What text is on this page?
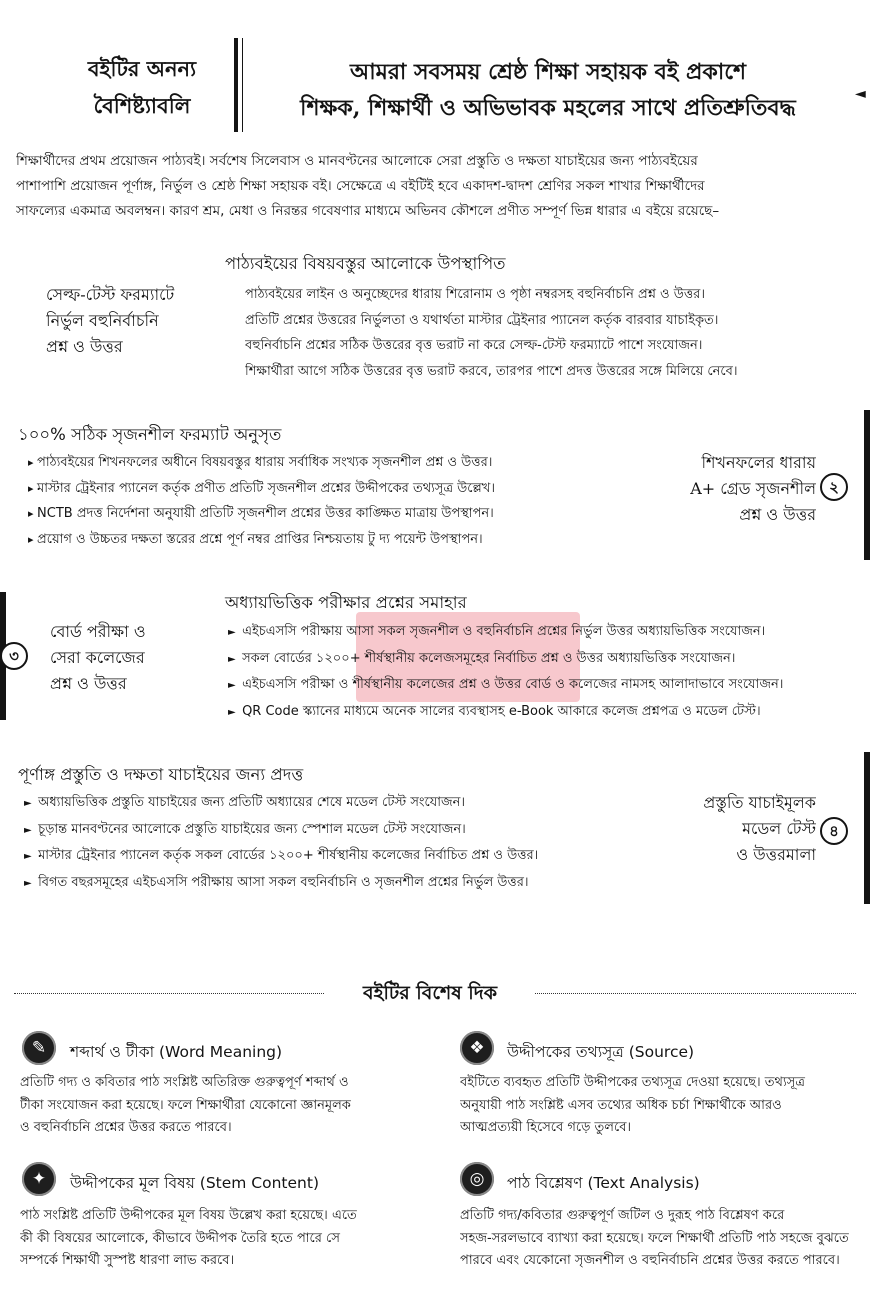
বইটির অনন্য
বৈশিষ্ট্যাবলি
আমরা সবসময় শ্রেষ্ঠ শিক্ষা সহায়ক বই প্রকাশে
শিক্ষক, শিক্ষার্থী ও অভিভাবক মহলের সাথে প্রতিশ্রুতিবদ্ধ
◄
শিক্ষার্থীদের প্রথম প্রয়োজন পাঠ্যবই। সর্বশেষ সিলেবাস ও মানবণ্টনের আলোকে সেরা প্রস্তুতি ও দক্ষতা যাচাইয়ের জন্য পাঠ্যবইয়ের
পাশাপাশি প্রয়োজন পূর্ণাঙ্গ, নির্ভুল ও শ্রেষ্ঠ শিক্ষা সহায়ক বই। সেক্ষেত্রে এ বইটিই হবে একাদশ-দ্বাদশ শ্রেণির সকল শাখার শিক্ষার্থীদের
সাফল্যের একমাত্র অবলম্বন। কারণ শ্রম, মেধা ও নিরন্তর গবেষণার মাধ্যমে অভিনব কৌশলে প্রণীত সম্পূর্ণ ভিন্ন ধারার এ বইয়ে রয়েছে–
পাঠ্যবইয়ের বিষয়বস্তুর আলোকে উপস্থাপিত
সেল্ফ-টেস্ট ফরম্যাটে
নির্ভুল বহুনির্বাচনি
প্রশ্ন ও উত্তর
পাঠ্যবইয়ের লাইন ও অনুচ্ছেদের ধারায় শিরোনাম ও পৃষ্ঠা নম্বরসহ বহুনির্বাচনি প্রশ্ন ও উত্তর।
প্রতিটি প্রশ্নের উত্তরের নির্ভুলতা ও যথার্থতা মাস্টার ট্রেইনার প্যানেল কর্তৃক বারবার যাচাইকৃত।
বহুনির্বাচনি প্রশ্নের সঠিক উত্তরের বৃত্ত ভরাট না করে সেল্ফ-টেস্ট ফরম্যাটে পাশে সংযোজন।
শিক্ষার্থীরা আগে সঠিক উত্তরের বৃত্ত ভরাট করবে, তারপর পাশে প্রদত্ত উত্তরের সঙ্গে মিলিয়ে নেবে।
১০০% সঠিক সৃজনশীল ফরম্যাট অনুসৃত
▸ পাঠ্যবইয়ের শিখনফলের অধীনে বিষয়বস্তুর ধারায় সর্বাধিক সংখ্যক সৃজনশীল প্রশ্ন ও উত্তর।
▸ মাস্টার ট্রেইনার প্যানেল কর্তৃক প্রণীত প্রতিটি সৃজনশীল প্রশ্নের উদ্দীপকের তথ্যসূত্র উল্লেখ।
▸ NCTB প্রদত্ত নির্দেশনা অনুযায়ী প্রতিটি সৃজনশীল প্রশ্নের উত্তর কাঙ্ক্ষিত মাত্রায় উপস্থাপন।
▸ প্রয়োগ ও উচ্চতর দক্ষতা স্তরের প্রশ্নে পূর্ণ নম্বর প্রাপ্তির নিশ্চয়তায় টু দ্য পয়েন্ট উপস্থাপন।
শিখনফলের ধারায়
A+ গ্রেড সৃজনশীল
প্রশ্ন ও উত্তর
২
অধ্যায়ভিত্তিক পরীক্ষার প্রশ্নের সমাহার
৩
বোর্ড পরীক্ষা ও
সেরা কলেজের
প্রশ্ন ও উত্তর
►  এইচএসসি পরীক্ষায় আসা সকল সৃজনশীল ও বহুনির্বাচনি প্রশ্নের নির্ভুল উত্তর অধ্যায়ভিত্তিক সংযোজন।
►  সকল বোর্ডের ১২০০+ শীর্ষস্থানীয় কলেজসমূহের নির্বাচিত প্রশ্ন ও উত্তর অধ্যায়ভিত্তিক সংযোজন।
►  এইচএসসি পরীক্ষা ও শীর্ষস্থানীয় কলেজের প্রশ্ন ও উত্তর বোর্ড ও কলেজের নামসহ আলাদাভাবে সংযোজন।
►  QR Code স্ক্যানের মাধ্যমে অনেক সালের ব্যবস্থাসহ e-Book আকারে কলেজ প্রশ্নপত্র ও মডেল টেস্ট।
পূর্ণাঙ্গ প্রস্তুতি ও দক্ষতা যাচাইয়ের জন্য প্রদত্ত
►  অধ্যায়ভিত্তিক প্রস্তুতি যাচাইয়ের জন্য প্রতিটি অধ্যায়ের শেষে মডেল টেস্ট সংযোজন।
►  চূড়ান্ত মানবণ্টনের আলোকে প্রস্তুতি যাচাইয়ের জন্য স্পেশাল মডেল টেস্ট সংযোজন।
►  মাস্টার ট্রেইনার প্যানেল কর্তৃক সকল বোর্ডের ১২০০+ শীর্ষস্থানীয় কলেজের নির্বাচিত প্রশ্ন ও উত্তর।
►  বিগত বছরসমূহের এইচএসসি পরীক্ষায় আসা সকল বহুনির্বাচনি ও সৃজনশীল প্রশ্নের নির্ভুল উত্তর।
প্রস্তুতি যাচাইমূলক
মডেল টেস্ট
ও উত্তরমালা
৪
বইটির বিশেষ দিক
✎	শব্দার্থ ও টীকা (Word Meaning)
প্রতিটি গদ্য ও কবিতার পাঠ সংশ্লিষ্ট অতিরিক্ত গুরুত্বপূর্ণ শব্দার্থ ও
টীকা সংযোজন করা হয়েছে। ফলে শিক্ষার্থীরা যেকোনো জ্ঞানমূলক
ও বহুনির্বাচনি প্রশ্নের উত্তর করতে পারবে।
❖	উদ্দীপকের তথ্যসূত্র (Source)
বইটিতে ব্যবহৃত প্রতিটি উদ্দীপকের তথ্যসূত্র দেওয়া হয়েছে। তথ্যসূত্র
অনুযায়ী পাঠ সংশ্লিষ্ট এসব তথ্যের অধিক চর্চা শিক্ষার্থীকে আরও
আত্মপ্রত্যয়ী হিসেবে গড়ে তুলবে।
✦	উদ্দীপকের মূল বিষয় (Stem Content)
পাঠ সংশ্লিষ্ট প্রতিটি উদ্দীপকের মূল বিষয় উল্লেখ করা হয়েছে। এতে
কী কী বিষয়ের আলোকে, কীভাবে উদ্দীপক তৈরি হতে পারে সে
সম্পর্কে শিক্ষার্থী সুস্পষ্ট ধারণা লাভ করবে।
◎	পাঠ বিশ্লেষণ (Text Analysis)
প্রতিটি গদ্য/কবিতার গুরুত্বপূর্ণ জটিল ও দুরূহ পাঠ বিশ্লেষণ করে
সহজ-সরলভাবে ব্যাখ্যা করা হয়েছে। ফলে শিক্ষার্থী প্রতিটি পাঠ সহজে বুঝতে
পারবে এবং যেকোনো সৃজনশীল ও বহুনির্বাচনি প্রশ্নের উত্তর করতে পারবে।
